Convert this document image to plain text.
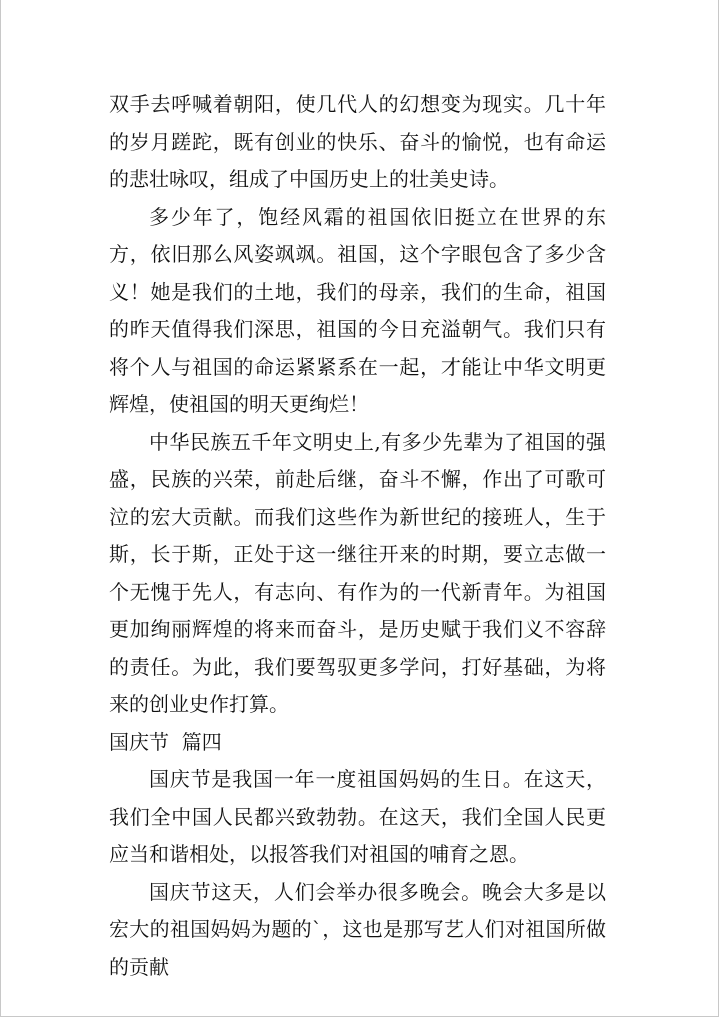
双手去呼喊着朝阳，使几代人的幻想变为现实。几十年的岁月蹉跎，既有创业的快乐、奋斗的愉悦，也有命运的悲壮咏叹，组成了中国历史上的壮美史诗。

多少年了，饱经风霜的祖国依旧挺立在世界的东方，依旧那么风姿飒飒。祖国，这个字眼包含了多少含义！她是我们的土地，我们的母亲，我们的生命，祖国的昨天值得我们深思，祖国的今日充溢朝气。我们只有将个人与祖国的命运紧紧系在一起，才能让中华文明更辉煌，使祖国的明天更绚烂！

中华民族五千年文明史上,有多少先辈为了祖国的强盛，民族的兴荣，前赴后继，奋斗不懈，作出了可歌可泣的宏大贡献。而我们这些作为新世纪的接班人，生于斯，长于斯，正处于这一继往开来的时期，要立志做一个无愧于先人，有志向、有作为的一代新青年。为祖国更加绚丽辉煌的将来而奋斗，是历史赋于我们义不容辞的责任。为此，我们要驾驭更多学问，打好基础，为将来的创业史作打算。

国庆节  篇四

国庆节是我国一年一度祖国妈妈的生日。在这天，我们全中国人民都兴致勃勃。在这天，我们全国人民更应当和谐相处，以报答我们对祖国的哺育之恩。

国庆节这天，人们会举办很多晚会。晚会大多是以宏大的祖国妈妈为题的`，这也是那写艺人们对祖国所做的贡献
